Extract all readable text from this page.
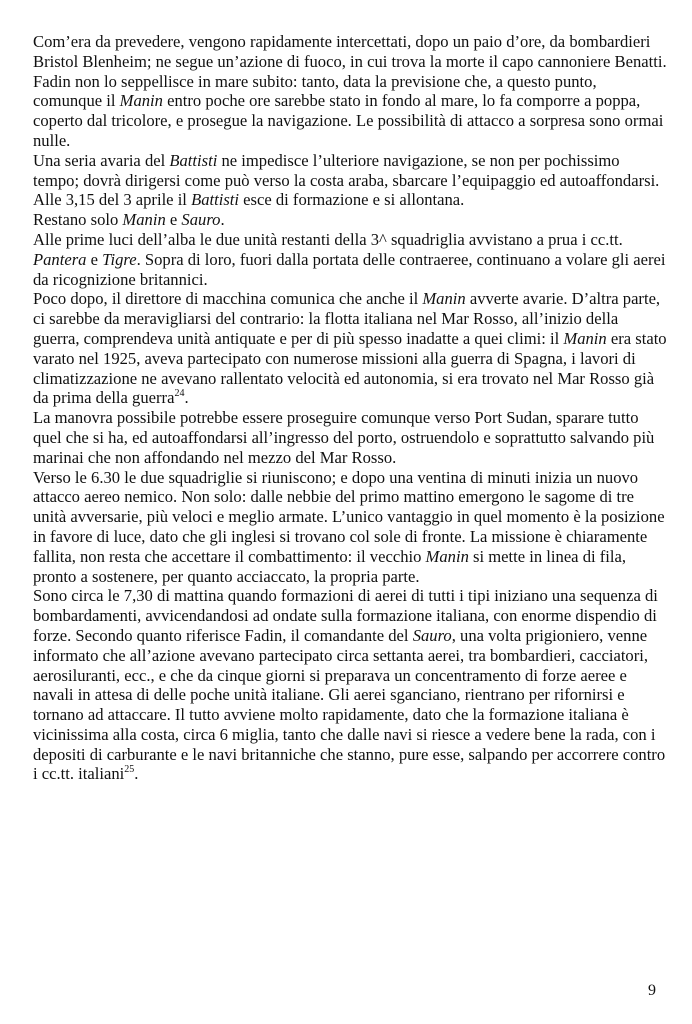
Com’era da prevedere, vengono rapidamente intercettati, dopo un paio d’ore, da bombardieri Bristol Blenheim; ne segue un’azione di fuoco, in cui trova la morte il capo cannoniere Benatti. Fadin non lo seppellisce in mare subito: tanto, data la previsione che, a questo punto, comunque il Manin entro poche ore sarebbe stato in fondo al mare, lo fa comporre a poppa, coperto dal tricolore, e prosegue la navigazione. Le possibilità di attacco a sorpresa sono ormai nulle.

Una seria avaria del Battisti ne impedisce l’ulteriore navigazione, se non per pochissimo tempo; dovrà dirigersi come può verso la costa araba, sbarcare l’equipaggio ed autoaffondarsi. Alle 3,15 del 3 aprile il Battisti esce di formazione e si allontana.

Restano solo Manin e Sauro.

Alle prime luci dell’alba le due unità restanti della 3^ squadriglia avvistano a prua i cc.tt. Pantera e Tigre. Sopra di loro, fuori dalla portata delle contraeree, continuano a volare gli aerei da ricognizione britannici.

Poco dopo, il direttore di macchina comunica che anche il Manin avverte avarie. D’altra parte, ci sarebbe da meravigliarsi del contrario: la flotta italiana nel Mar Rosso, all’inizio della guerra, comprendeva unità antiquate e per di più spesso inadatte a quei climi: il Manin era stato varato nel 1925, aveva partecipato con numerose missioni alla guerra di Spagna, i lavori di climatizzazione ne avevano rallentato velocità ed autonomia, si era trovato nel Mar Rosso già da prima della guerra$^{24}$.

La manovra possibile potrebbe essere proseguire comunque verso Port Sudan, sparare tutto quel che si ha, ed autoaffondarsi all’ingresso del porto, ostruendolo e soprattutto salvando più marinai che non affondando nel mezzo del Mar Rosso.

Verso le 6.30 le due squadriglie si riuniscono; e dopo una ventina di minuti inizia un nuovo attacco aereo nemico. Non solo: dalle nebbie del primo mattino emergono le sagome di tre unità avversarie, più veloci e meglio armate. L’unico vantaggio in quel momento è la posizione in favore di luce, dato che gli inglesi si trovano col sole di fronte. La missione è chiaramente fallita, non resta che accettare il combattimento: il vecchio Manin si mette in linea di fila, pronto a sostenere, per quanto acciaccato, la propria parte.

Sono circa le 7,30 di mattina quando formazioni di aerei di tutti i tipi iniziano una sequenza di bombardamenti, avvicendandosi ad ondate sulla formazione italiana, con enorme dispendio di forze. Secondo quanto riferisce Fadin, il comandante del Sauro, una volta prigioniero, venne informato che all’azione avevano partecipato circa settanta aerei, tra bombardieri, cacciatori, aerosiluranti, ecc., e che da cinque giorni si preparava un concentramento di forze aeree e navali in attesa di delle poche unità italiane. Gli aerei sganciano, rientrano per rifornirsi e tornano ad attaccare. Il tutto avviene molto rapidamente, dato che la formazione italiana è vicinissima alla costa, circa 6 miglia, tanto che dalle navi si riesce a vedere bene la rada, con i depositi di carburante e le navi britanniche che stanno, pure esse, salpando per accorrere contro i cc.tt. italiani$^{25}$.

9
